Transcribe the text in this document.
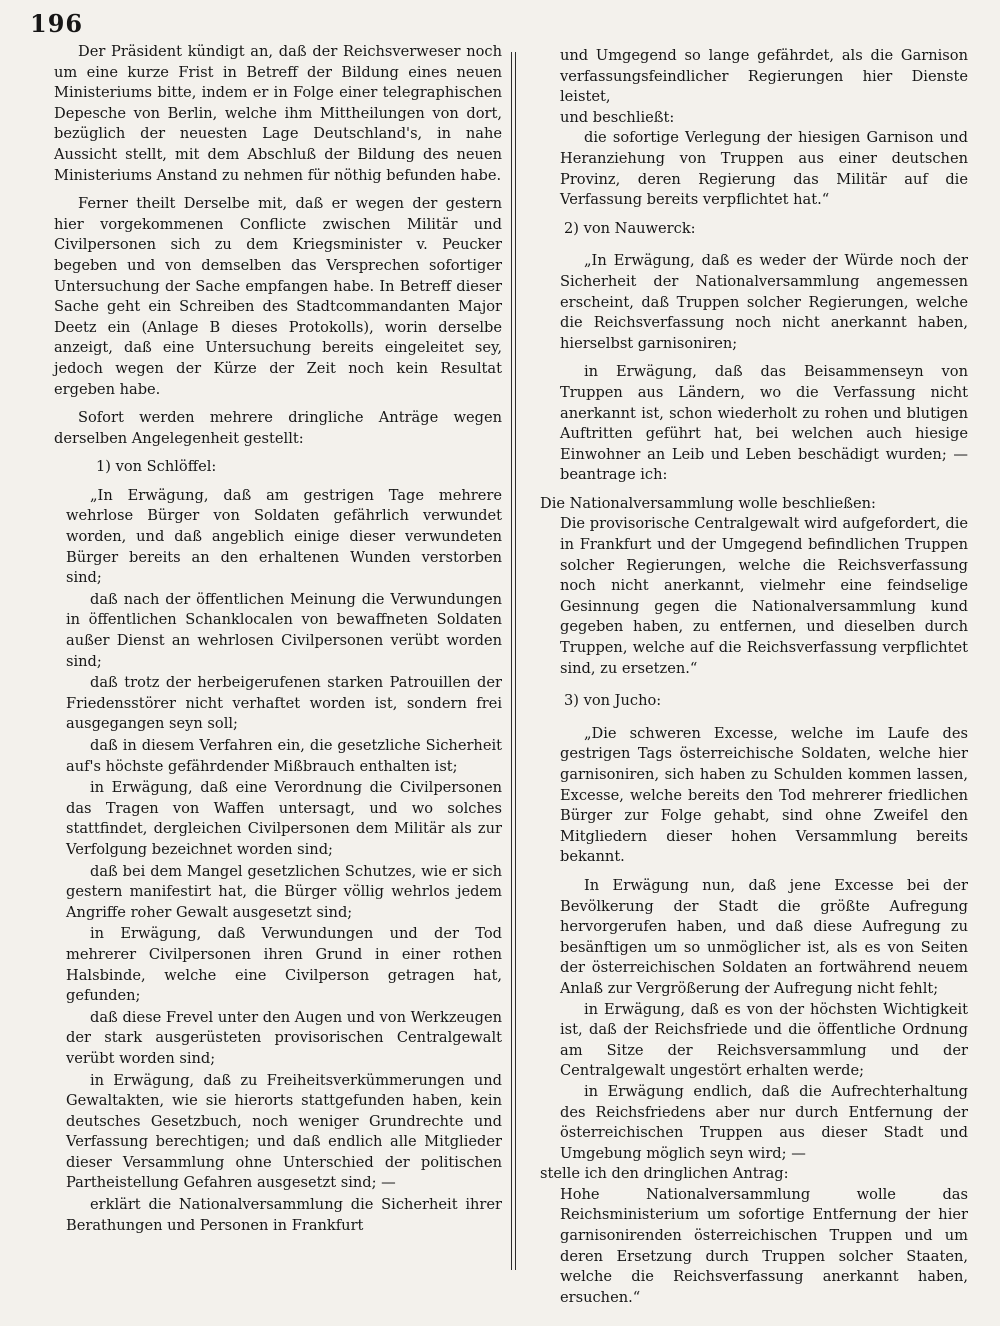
196

Der Präsident kündigt an, daß der Reichsverweser noch um eine kurze Frist in Betreff der Bildung eines neuen Ministeriums bitte, indem er in Folge einer telegraphischen Depesche von Berlin, welche ihm Mittheilungen von dort, bezüglich der neuesten Lage Deutschland's, in nahe Aussicht stellt, mit dem Abschluß der Bildung des neuen Ministeriums Anstand zu nehmen für nöthig befunden habe.

Ferner theilt Derselbe mit, daß er wegen der gestern hier vorgekommenen Conflicte zwischen Militär und Civilpersonen sich zu dem Kriegsminister v. Peucker begeben und von demselben das Versprechen sofortiger Untersuchung der Sache empfangen habe. In Betreff dieser Sache geht ein Schreiben des Stadtcommandanten Major Deetz ein (Anlage B dieses Protokolls), worin derselbe anzeigt, daß eine Untersuchung bereits eingeleitet sey, jedoch wegen der Kürze der Zeit noch kein Resultat ergeben habe.

Sofort werden mehrere dringliche Anträge wegen derselben Angelegenheit gestellt:

1) von Schlöffel:

„In Erwägung, daß am gestrigen Tage mehrere wehrlose Bürger von Soldaten gefährlich verwundet worden, und daß angeblich einige dieser verwundeten Bürger bereits an den erhaltenen Wunden verstorben sind;

daß nach der öffentlichen Meinung die Verwundungen in öffentlichen Schanklocalen von bewaffneten Soldaten außer Dienst an wehrlosen Civilpersonen verübt worden sind;

daß trotz der herbeigerufenen starken Patrouillen der Friedensstörer nicht verhaftet worden ist, sondern frei ausgegangen seyn soll;

daß in diesem Verfahren ein, die gesetzliche Sicherheit auf's höchste gefährdender Mißbrauch enthalten ist;

in Erwägung, daß eine Verordnung die Civilpersonen das Tragen von Waffen untersagt, und wo solches stattfindet, dergleichen Civilpersonen dem Militär als zur Verfolgung bezeichnet worden sind;

daß bei dem Mangel gesetzlichen Schutzes, wie er sich gestern manifestirt hat, die Bürger völlig wehrlos jedem Angriffe roher Gewalt ausgesetzt sind;

in Erwägung, daß Verwundungen und der Tod mehrerer Civilpersonen ihren Grund in einer rothen Halsbinde, welche eine Civilperson getragen hat, gefunden;

daß diese Frevel unter den Augen und von Werkzeugen der stark ausgerüsteten provisorischen Centralgewalt verübt worden sind;

in Erwägung, daß zu Freiheitsverkümmerungen und Gewaltakten, wie sie hierorts stattgefunden haben, kein deutsches Gesetzbuch, noch weniger Grundrechte und Verfassung berechtigen; und daß endlich alle Mitglieder dieser Versammlung ohne Unterschied der politischen Partheistellung Gefahren ausgesetzt sind; —

erklärt die Nationalversammlung die Sicherheit ihrer Berathungen und Personen in Frankfurt

und Umgegend so lange gefährdet, als die Garnison verfassungsfeindlicher Regierungen hier Dienste leistet,

und beschließt:

die sofortige Verlegung der hiesigen Garnison und Heranziehung von Truppen aus einer deutschen Provinz, deren Regierung das Militär auf die Verfassung bereits verpflichtet hat.“

2) von Nauwerck:

„In Erwägung, daß es weder der Würde noch der Sicherheit der Nationalversammlung angemessen erscheint, daß Truppen solcher Regierungen, welche die Reichsverfassung noch nicht anerkannt haben, hierselbst garnisoniren;

in Erwägung, daß das Beisammenseyn von Truppen aus Ländern, wo die Verfassung nicht anerkannt ist, schon wiederholt zu rohen und blutigen Auftritten geführt hat, bei welchen auch hiesige Einwohner an Leib und Leben beschädigt wurden; — beantrage ich:

Die Nationalversammlung wolle beschließen:

Die provisorische Centralgewalt wird aufgefordert, die in Frankfurt und der Umgegend befindlichen Truppen solcher Regierungen, welche die Reichsverfassung noch nicht anerkannt, vielmehr eine feindselige Gesinnung gegen die Nationalversammlung kund gegeben haben, zu entfernen, und dieselben durch Truppen, welche auf die Reichsverfassung verpflichtet sind, zu ersetzen.“

3) von Jucho:

„Die schweren Excesse, welche im Laufe des gestrigen Tags österreichische Soldaten, welche hier garnisoniren, sich haben zu Schulden kommen lassen, Excesse, welche bereits den Tod mehrerer friedlichen Bürger zur Folge gehabt, sind ohne Zweifel den Mitgliedern dieser hohen Versammlung bereits bekannt.

In Erwägung nun, daß jene Excesse bei der Bevölkerung der Stadt die größte Aufregung hervorgerufen haben, und daß diese Aufregung zu besänftigen um so unmöglicher ist, als es von Seiten der österreichischen Soldaten an fortwährend neuem Anlaß zur Vergrößerung der Aufregung nicht fehlt;

in Erwägung, daß es von der höchsten Wichtigkeit ist, daß der Reichsfriede und die öffentliche Ordnung am Sitze der Reichsversammlung und der Centralgewalt ungestört erhalten werde;

in Erwägung endlich, daß die Aufrechterhaltung des Reichsfriedens aber nur durch Entfernung der österreichischen Truppen aus dieser Stadt und Umgebung möglich seyn wird; —

stelle ich den dringlichen Antrag:

Hohe Nationalversammlung wolle das Reichsministerium um sofortige Entfernung der hier garnisonirenden österreichischen Truppen und um deren Ersetzung durch Truppen solcher Staaten, welche die Reichsverfassung anerkannt haben, ersuchen.“
